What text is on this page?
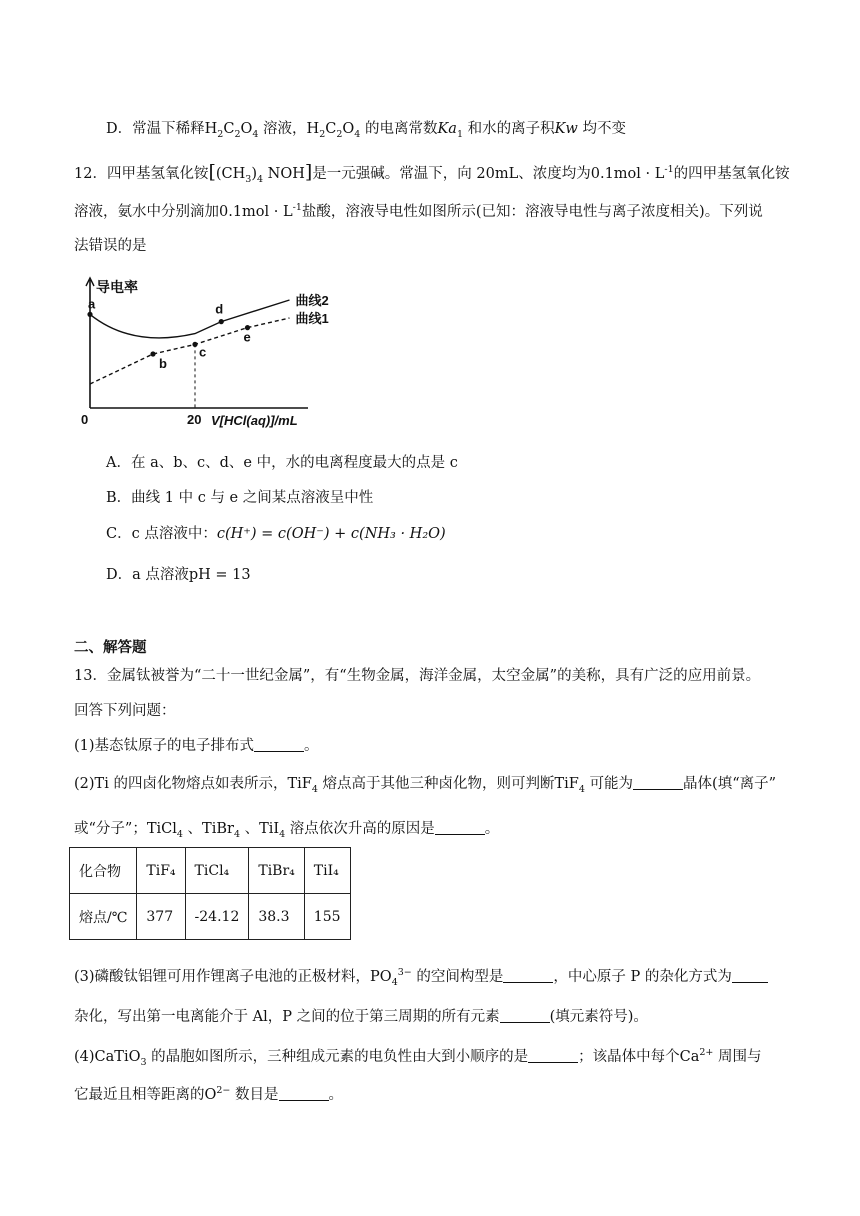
D．常温下稀释$H_2C_2O_4$ 溶液，$H_2C_2O_4$ 的电离常数$Ka_1$ 和水的离子积Kw 均不变
12．四甲基氢氧化铵[$(CH_3)_4$ NOH]是一元强碱。常温下，向 20mL、浓度均为$0.1mol \cdot L^{-1}$的四甲基氢氧化铵
溶液，氨水中分别滴加$0.1mol \cdot L^{-1}$盐酸，溶液导电性如图所示(已知：溶液导电性与离子浓度相关)。下列说
法错误的是
导电率
0	20 V[HCl(aq)]/mL
曲线2
曲线1
a	d
c
b
e
A．在 a、b、c、d、e 中，水的电离程度最大的点是 c
B．曲线 1 中 c 与 e 之间某点溶液呈中性
C．c 点溶液中：c(H⁺) = c(OH⁻) + c(NH₃ · H₂O)
D．a 点溶液pH = 13
二、解答题
13．金属钛被誉为“二十一世纪金属”，有“生物金属，海洋金属，太空金属”的美称，具有广泛的应用前景。
回答下列问题：
(1)基态钛原子的电子排布式	。
(2)Ti 的四卤化物熔点如表所示，TiF$_4$ 熔点高于其他三种卤化物，则可判断TiF$_4$ 可能为	晶体(填“离子”
或“分子”；TiCl$_4$ 、TiBr$_4$ 、TiI$_4$ 溶点依次升高的原因是	。
化合物	TiF₄	TiCl₄	TiBr₄	TiI₄
熔点/℃	377	-24.12	38.3	155
(3)磷酸钛铝锂可用作锂离子电池的正极材料，$PO_4^{3-}$ 的空间构型是	，中心原子 P 的杂化方式为
杂化，写出第一电离能介于 Al，P 之间的位于第三周期的所有元素	(填元素符号)。
(4)CaTiO$_3$ 的晶胞如图所示，三种组成元素的电负性由大到小顺序的是	；该晶体中每个$Ca^{2+}$ 周围与
它最近且相等距离的$O^{2-}$ 数目是	。
